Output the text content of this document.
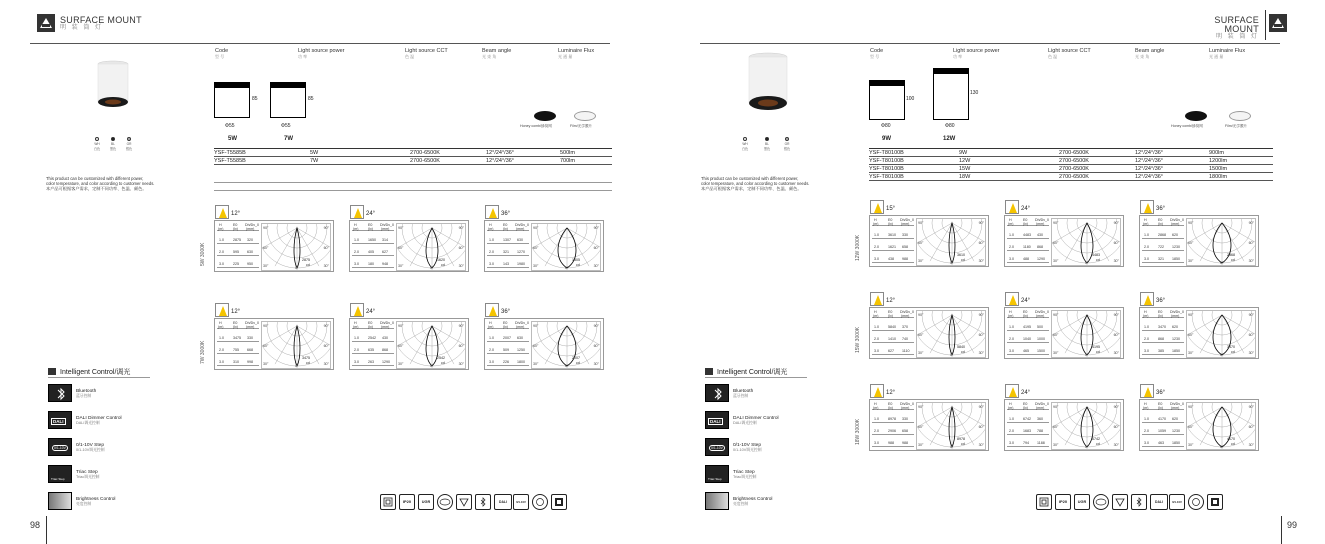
SURFACE MOUNT
明 装 筒 灯
Code
型 号
Light source power
功 率
Light source CCT
色 温
Beam angle
光 束 角
Luminaire Flux
光 通 量
WH
白色
BL
黑色
GR
银色
85
Φ55
5W
85
Φ55
7W
Honey comb/蜂窝网	Film/光学膜片
YSF-T5585B	5W	2700-6500K	12°/24°/36°	500lm
YSF-T5585B	7W	2700-6500K	12°/24°/36°	700lm
This product can be customized with different power,
color temperature, and color according to customer needs.
本产品可根据客户需求，定制不同功率、色温、颜色。
5W 3000K
12°
H	E0 Dh/Dv_0
(m)	(lx) (mm)
1.0	2875 320
2.0	595 630
3.0	225 950
90°
60°
30°	0°
90°
60°
30°
2875
cd
24°
H	E0 Dh/Dv_0
(m)	(lx) (mm)
1.0	1650 314
2.0	405 627
3.0	180 948
90°
60°
30°	0°
90°
60°
30°
1620
cd
36°
H	E0 Dh/Dv_0
(m)	(lx) (mm)
1.0	1307 630
2.0	321 1270
3.0	143 1980
90°
60°
30°	0°
90°
60°
30°
1305
cd
7W 3000K
12°
H	E0 Dh/Dv_0
(m)	(lx) (mm)
1.0	3475 330
2.0	755 668
3.0	310 998
90°
60°
30°	0°
90°
60°
30°
3475
cd
24°
H	E0 Dh/Dv_0
(m)	(lx) (mm)
1.0	2542 430
2.0	635 868
3.0	263 1290
90°
60°
30°	0°
90°
60°
30°
2542
cd
36°
H	E0 Dh/Dv_0
(m)	(lx) (mm)
1.0	2007 630
2.0	509 1250
3.0	226 1800
90°
60°
30°	0°
90°
60°
30°
2007
cd
Intelligent Control/调光
Bluetooth
蓝牙控制
DALI
DALI Dimmer Control
DALI调光控制
0/1-10V	0/1-10V Step
0/1-10V调光控制
Triac Step
Triac Step
Triac调光控制
Brightness Control
亮度控制	IP20	UGR	DALI	0/1-10V
98
SURFACE MOUNT
明 装 筒 灯
Code
型 号
Light source power
功 率
Light source CCT
色 温
Beam angle
光 束 角
Luminaire Flux
光 通 量
WH
白色
BL
黑色
GR
银色
100
Φ80
9W
130
Φ80
12W
Honey comb/蜂窝网	Film/光学膜片
YSF-T80100B	9W	2700-6500K	12°/24°/36°	900lm
YSF-T80100B	12W	2700-6500K	12°/24°/36°	1200lm
YSF-T80100B	15W	2700-6500K	12°/24°/36°	1500lm
YSF-T80100B	18W	2700-6500K	12°/24°/36°	1800lm
This product can be customized with different power,
color temperature, and color according to customer needs.
本产品可根据客户需求，定制不同功率、色温、颜色。
12W 3000K
15°
H	E0 Dh/Dv_0
(m)	(lx) (mm)
1.0	3610 330
2.0	1621 658
3.0	438 988
90°
60°
30°	0°
90°
60°
30°
3610
cd
24°
H	E0 Dh/Dv_0
(m)	(lx) (mm)
1.0	4483 430
2.0	1180 868
3.0	488 1290
90°
60°
30°	0°
90°
60°
30°
4483
cd
36°
H	E0 Dh/Dv_0
(m)	(lx) (mm)
1.0	2868 620
2.0	722 1230
3.0	321 1850
90°
60°
30°	0°
90°
60°
30°
2868
cd
15W 3000K
12°
H	E0 Dh/Dv_0
(m)	(lx) (mm)
1.0	5840 370
2.0	1410 740
3.0	627 1110
90°
60°
30°	0°
90°
60°
30°
5840
cd
24°
H	E0 Dh/Dv_0
(m)	(lx) (mm)
1.0	4195 500
2.0	1040 1000
3.0	465 1500
90°
60°
30°	0°
90°
60°
30°
4195
cd
36°
H	E0 Dh/Dv_0
(m)	(lx) (mm)
1.0	3470 620
2.0	868 1230
3.0	385 1850
90°
60°
30°	0°
90°
60°
30°
3470
cd
18W 3000K
12°
H	E0 Dh/Dv_0
(m)	(lx) (mm)
1.0	8978 330
2.0	2906 658
3.0	988 988
90°
60°
30°	0°
90°
60°
30°
8978
cd
24°
H	E0 Dh/Dv_0
(m)	(lx) (mm)
1.0	6742 360
2.0	1683 788
3.0	794 1188
90°
60°
30°	0°
90°
60°
30°
6742
cd
36°
H	E0 Dh/Dv_0
(m)	(lx) (mm)
1.0	4170 620
2.0	1059 1230
3.0	463 1850
90°
60°
30°	0°
90°
60°
30°
4170
cd
Intelligent Control/调光
Bluetooth
蓝牙控制
DALI
DALI Dimmer Control
DALI调光控制
0/1-10V	0/1-10V Step
0/1-10V调光控制
Triac Step
Triac Step
Triac调光控制
Brightness Control
亮度控制	IP20	UGR	DALI	0/1-10V
99
